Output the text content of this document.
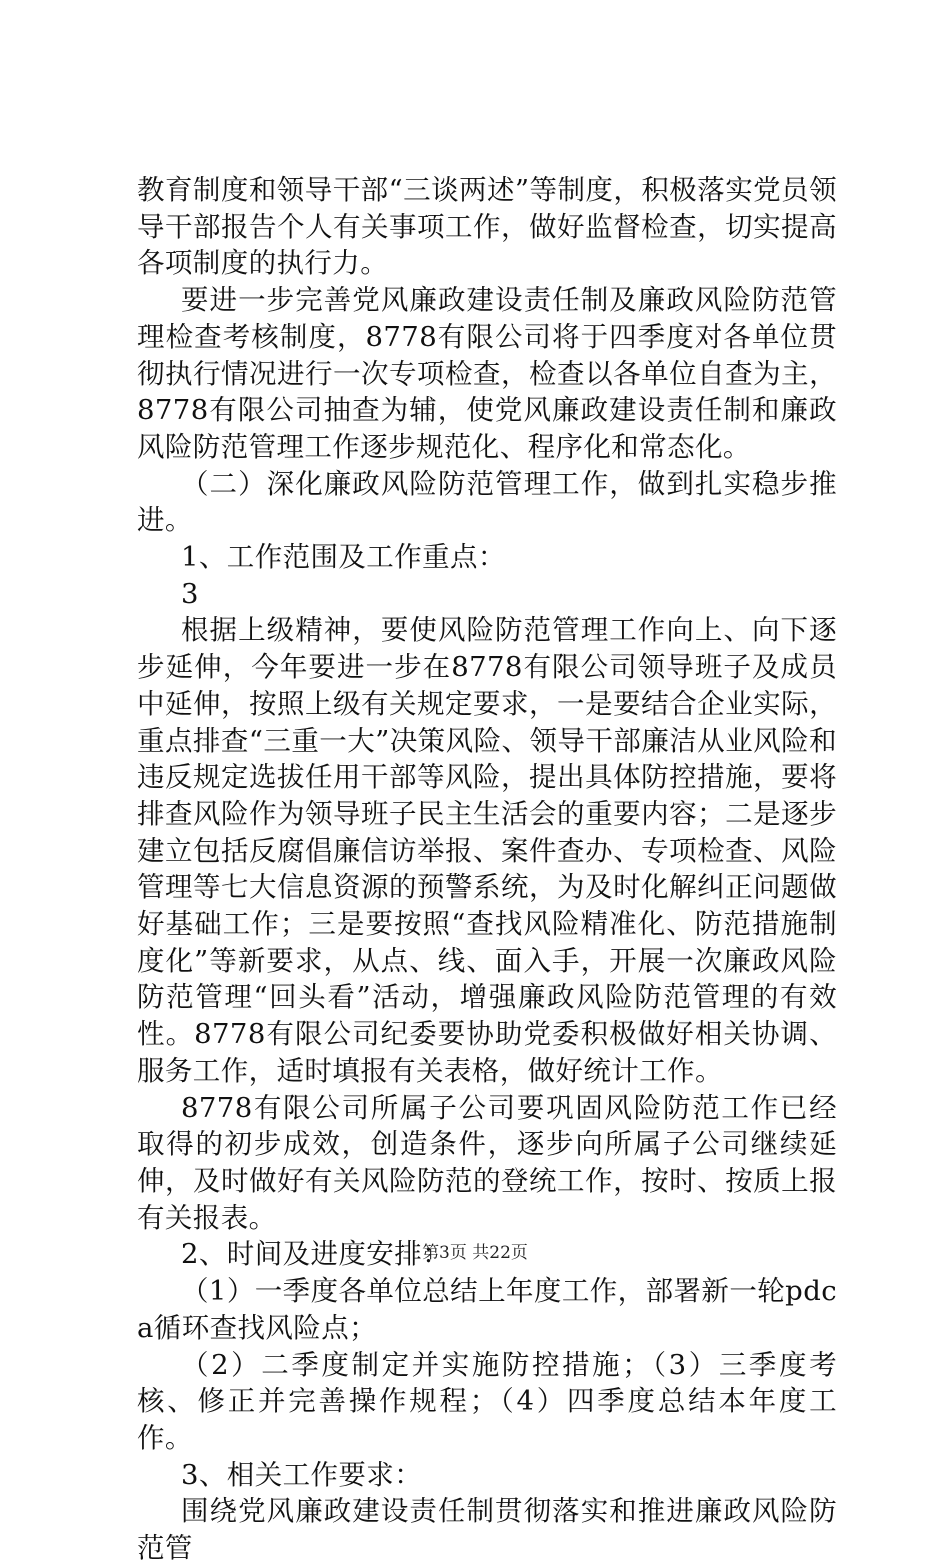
教育制度和领导干部“三谈两述”等制度，积极落实党员领导干部报告个人有关事项工作，做好监督检查，切实提高各项制度的执行力。

要进一步完善党风廉政建设责任制及廉政风险防范管理检查考核制度，8778有限公司将于四季度对各单位贯彻执行情况进行一次专项检查，检查以各单位自查为主，8778有限公司抽查为辅，使党风廉政建设责任制和廉政风险防范管理工作逐步规范化、程序化和常态化。

（二）深化廉政风险防范管理工作，做到扎实稳步推进。

1、工作范围及工作重点：

3

根据上级精神，要使风险防范管理工作向上、向下逐步延伸，今年要进一步在8778有限公司领导班子及成员中延伸，按照上级有关规定要求，一是要结合企业实际，重点排查“三重一大”决策风险、领导干部廉洁从业风险和违反规定选拔任用干部等风险，提出具体防控措施，要将排查风险作为领导班子民主生活会的重要内容；二是逐步建立包括反腐倡廉信访举报、案件查办、专项检查、风险管理等七大信息资源的预警系统，为及时化解纠正问题做好基础工作；三是要按照“查找风险精准化、防范措施制度化”等新要求，从点、线、面入手，开展一次廉政风险防范管理“回头看”活动，增强廉政风险防范管理的有效性。8778有限公司纪委要协助党委积极做好相关协调、服务工作，适时填报有关表格，做好统计工作。

8778有限公司所属子公司要巩固风险防范工作已经取得的初步成效，创造条件，逐步向所属子公司继续延伸，及时做好有关风险防范的登统工作，按时、按质上报有关报表。

2、时间及进度安排：

（1）一季度各单位总结上年度工作，部署新一轮pdca循环查找风险点；

（2）二季度制定并实施防控措施；（3）三季度考核、修正并完善操作规程；（4）四季度总结本年度工作。

3、相关工作要求：

围绕党风廉政建设责任制贯彻落实和推进廉政风险防范管

第3页 共22页
